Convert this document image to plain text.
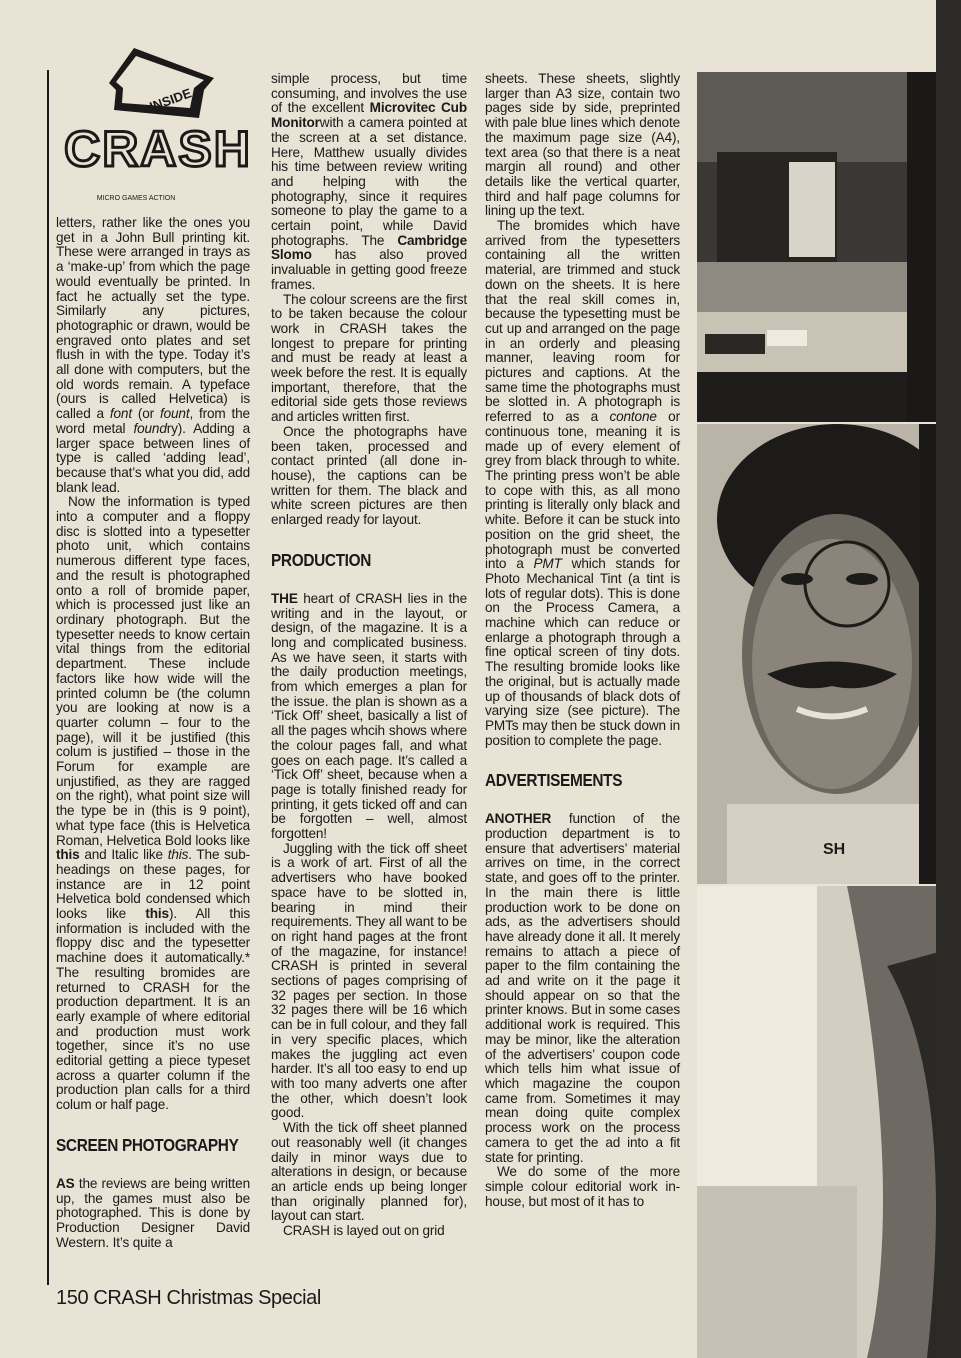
INSIDE
CRASH
MICRO GAMES ACTION

letters, rather like the ones you get in a John Bull printing kit. These were arranged in trays as a ‘make-up’ from which the page would eventually be printed. In fact he actually set the type. Similarly any pictures, photographic or drawn, would be engraved onto plates and set flush in with the type. Today it’s all done with computers, but the old words remain. A typeface (ours is called Helvetica) is called a font (or fount, from the word metal foundry). Adding a larger space between lines of type is called ‘adding lead’, because that’s what you did, add blank lead.

Now the information is typed into a computer and a floppy disc is slotted into a typesetter photo unit, which contains numerous different type faces, and the result is photographed onto a roll of bromide paper, which is processed just like an ordinary photograph. But the typesetter needs to know certain vital things from the editorial department. These include factors like how wide will the printed column be (the column you are looking at now is a quarter column – four to the page), will it be justified (this colum is justified – those in the Forum for example are unjustified, as they are ragged on the right), what point size will the type be in (this is 9 point), what type face (this is Helvetica Roman, Helvetica Bold looks like this and Italic like this. The sub-headings on these pages, for instance are in 12 point Helvetica bold condensed which looks like this). All this information is included with the floppy disc and the typesetter machine does it automatically.* The resulting bromides are returned to CRASH for the production department. It is an early example of where editorial and production must work together, since it’s no use editorial getting a piece typeset across a quarter column if the production plan calls for a third colum or half page.

SCREEN PHOTOGRAPHY

AS the reviews are being written up, the games must also be photographed. This is done by Production Designer David Western. It’s quite a

simple process, but time consuming, and involves the use of the excellent Microvitec Cub Monitorwith a camera pointed at the screen at a set distance. Here, Matthew usually divides his time between review writing and helping with the photography, since it requires someone to play the game to a certain point, while David photographs. The Cambridge Slomo has also proved invaluable in getting good freeze frames.

The colour screens are the first to be taken because the colour work in CRASH takes the longest to prepare for printing and must be ready at least a week before the rest. It is equally important, therefore, that the editorial side gets those reviews and articles written first.

Once the photographs have been taken, processed and contact printed (all done in-house), the captions can be written for them. The black and white screen pictures are then enlarged ready for layout.

PRODUCTION

THE heart of CRASH lies in the writing and in the layout, or design, of the magazine. It is a long and complicated business. As we have seen, it starts with the daily production meetings, from which emerges a plan for the issue. the plan is shown as a ‘Tick Off’ sheet, basically a list of all the pages whcih shows where the colour pages fall, and what goes on each page. It’s called a ‘Tick Off’ sheet, because when a page is totally finished ready for printing, it gets ticked off and can be forgotten – well, almost forgotten!

Juggling with the tick off sheet is a work of art. First of all the advertisers who have booked space have to be slotted in, bearing in mind their requirements. They all want to be on right hand pages at the front of the magazine, for instance! CRASH is printed in several sections of pages comprising of 32 pages per section. In those 32 pages there will be 16 which can be in full colour, and they fall in very specific places, which makes the juggling act even harder. It’s all too easy to end up with too many adverts one after the other, which doesn’t look good.

With the tick off sheet planned out reasonably well (it changes daily in minor ways due to alterations in design, or because an article ends up being longer than originally planned for), layout can start.

CRASH is layed out on grid

sheets. These sheets, slightly larger than A3 size, contain two pages side by side, preprinted with pale blue lines which denote the maximum page size (A4), text area (so that there is a neat margin all round) and other details like the vertical quarter, third and half page columns for lining up the text.

The bromides which have arrived from the typesetters containing all the written material, are trimmed and stuck down on the sheets. It is here that the real skill comes in, because the typesetting must be cut up and arranged on the page in an orderly and pleasing manner, leaving room for pictures and captions. At the same time the photographs must be slotted in. A photograph is referred to as a contone or continuous tone, meaning it is made up of every element of grey from black through to white. The printing press won’t be able to cope with this, as all mono printing is literally only black and white. Before it can be stuck into position on the grid sheet, the photograph must be converted into a PMT which stands for Photo Mechanical Tint (a tint is lots of regular dots). This is done on the Process Camera, a machine which can reduce or enlarge a photograph through a fine optical screen of tiny dots. The resulting bromide looks like the original, but is actually made up of thousands of black dots of varying size (see picture). The PMTs may then be stuck down in position to complete the page.

ADVERTISEMENTS

ANOTHER function of the production department is to ensure that advertisers’ material arrives on time, in the correct state, and goes off to the printer. In the main there is little production work to be done on ads, as the advertisers should have already done it all. It merely remains to attach a piece of paper to the film containing the ad and write on it the page it should appear on so that the printer knows. But in some cases additional work is required. This may be minor, like the alteration of the advertisers’ coupon code which tells him what issue of which magazine the coupon came from. Sometimes it may mean doing quite complex process work on the process camera to get the ad into a fit state for printing.

We do some of the more simple colour editorial work in-house, but most of it has to

SH
150 CRASH Christmas Special
